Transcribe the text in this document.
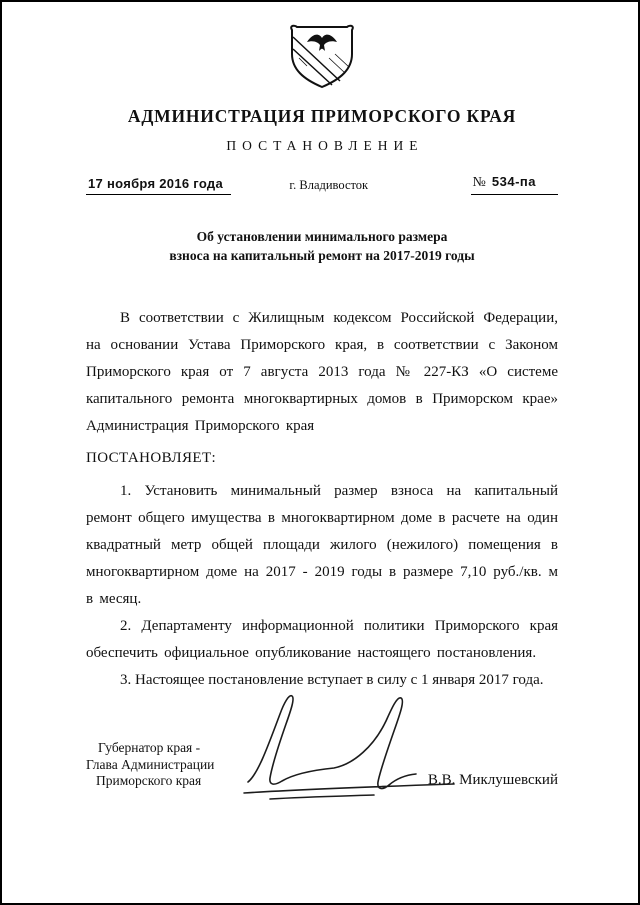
АДМИНИСТРАЦИЯ ПРИМОРСКОГО КРАЯ
ПОСТАНОВЛЕНИЕ
17 ноября 2016 года	г. Владивосток	№ 534-па
Об установлении минимального размера
взноса на капитальный ремонт на 2017-2019 годы

В соответствии с Жилищным кодексом Российской Федерации, на основании Устава Приморского края, в соответствии с Законом Приморского края от 7 августа 2013 года № 227-КЗ «О системе капитального ремонта многоквартирных домов в Приморском крае» Администрация Приморского края

ПОСТАНОВЛЯЕТ:

1. Установить минимальный размер взноса на капитальный ремонт общего имущества в многоквартирном доме в расчете на один квадратный метр общей площади жилого (нежилого) помещения в многоквартирном доме на 2017 - 2019 годы в размере 7,10 руб./кв. м в месяц.

2. Департаменту информационной политики Приморского края обеспечить официальное опубликование настоящего постановления.

3. Настоящее постановление вступает в силу с 1 января 2017 года.

Губернатор края -
Глава Администрации
Приморского края	В.В. Миклушевский
